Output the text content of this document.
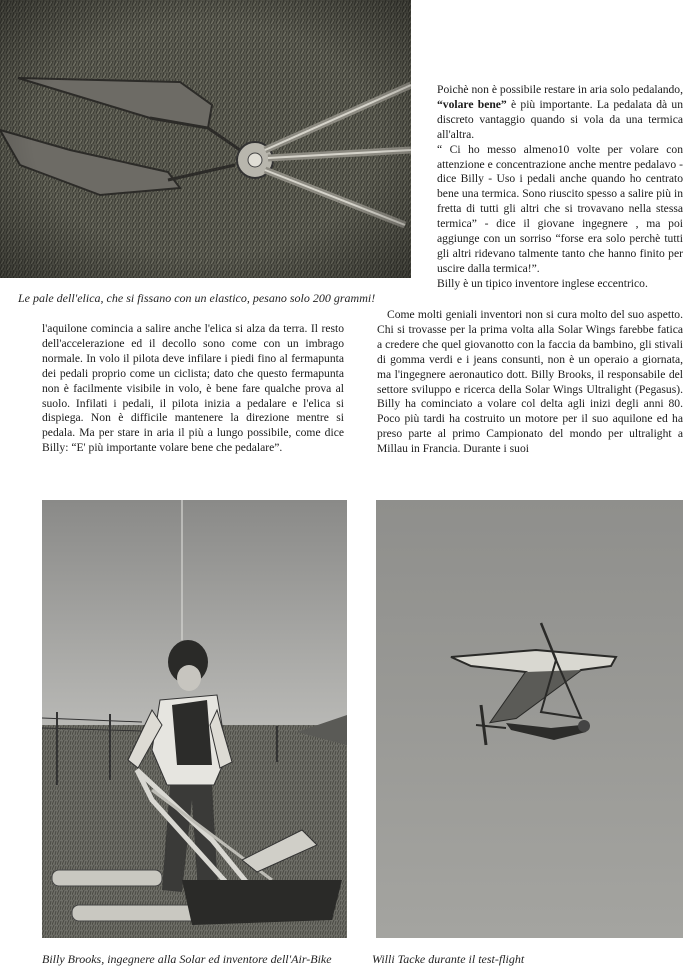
Le pale dell'elica, che si fissano con un elastico, pesano solo 200 grammi!

Poichè non è possibile restare in aria solo pedalando, “volare bene” è più importante. La pedalata dà un discreto vantaggio quando si vola da una termica all'altra.

“ Ci ho messo almeno10 volte per volare con attenzione e concentrazione anche mentre pedalavo - dice Billy - Uso i pedali anche quando ho centrato bene una termica. Sono riuscito spesso a salire più in fretta di tutti gli altri che si trovavano nella stessa termica” - dice il giovane ingegnere , ma poi aggiunge con un sorriso “forse era solo perchè tutti gli altri ridevano talmente tanto che hanno finito per uscire dalla termica!”.

Billy è un tipico inventore inglese eccentrico.

l'aquilone comincia a salire anche l'elica si alza da terra. Il resto dell'accelerazione ed il decollo sono come con un imbrago normale. In volo il pilota deve infilare i piedi fino al fermapunta dei pedali proprio come un ciclista; dato che questo fermapunta non è facilmente visibile in volo, è bene fare qualche prova al suolo. Infilati i pedali, il pilota inizia a pedalare e l'elica si dispiega. Non è difficile mantenere la direzione mentre si pedala. Ma per stare in aria il più a lungo possibile, come dice Billy: “E' più importante volare bene che pedalare”.

Come molti geniali inventori non si cura molto del suo aspetto. Chi si trovasse per la prima volta alla Solar Wings farebbe fatica a credere che quel giovanotto con la faccia da bambino, gli stivali di gomma verdi e i jeans consunti, non è un operaio a giornata, ma l'ingegnere aeronautico dott. Billy Brooks, il responsabile del settore sviluppo e ricerca della Solar Wings Ultralight (Pegasus). Billy ha cominciato a volare col delta agli inizi degli anni 80. Poco più tardi ha costruito un motore per il suo aquilone ed ha preso parte al primo Campionato del mondo per ultralight a Millau in Francia. Durante i suoi

Billy Brooks, ingegnere alla Solar ed inventore dell'Air-Bike	Willi Tacke durante il test-flight
